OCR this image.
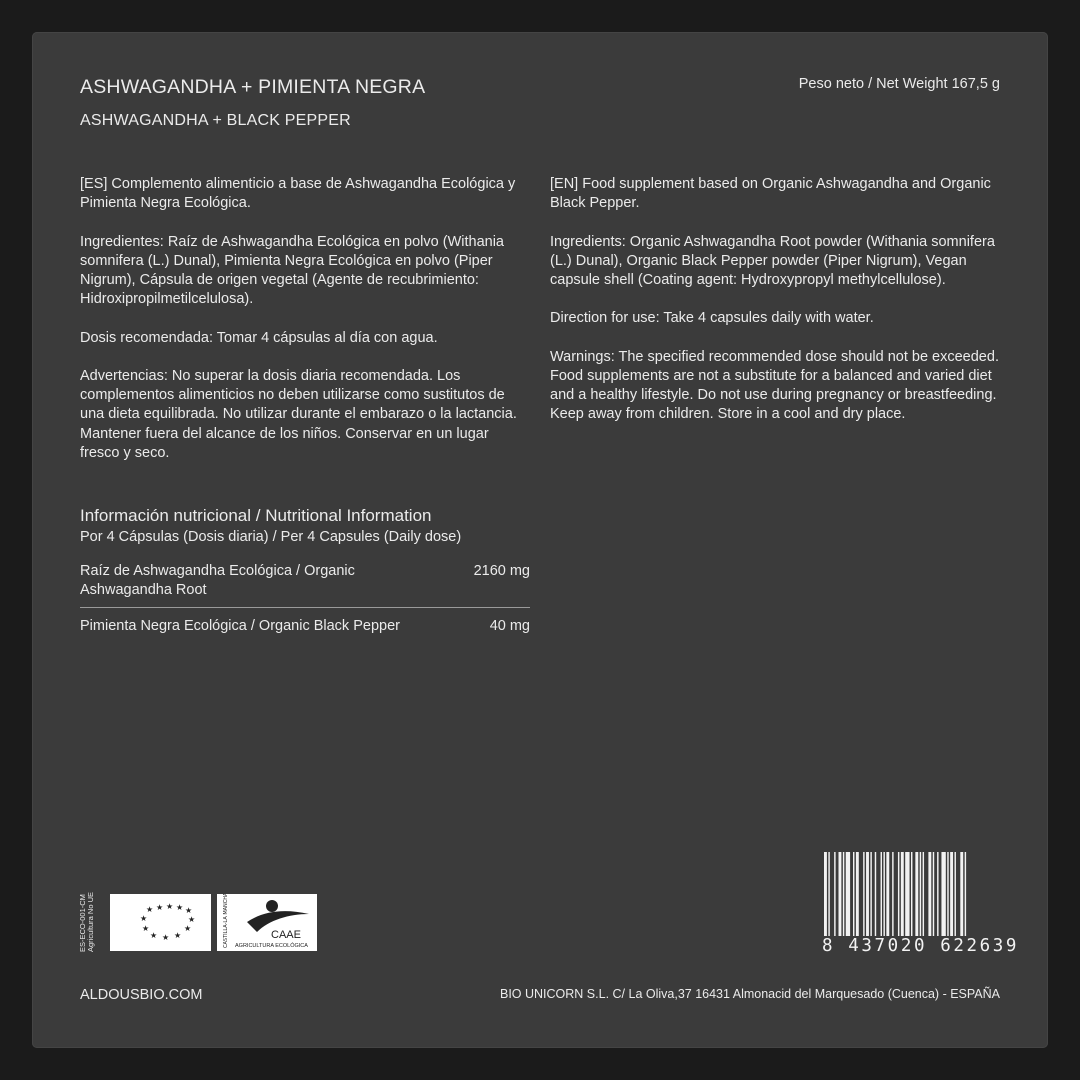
ASHWAGANDHA + PIMIENTA NEGRA
ASHWAGANDHA + BLACK PEPPER
Peso neto / Net Weight 167,5 g

[ES] Complemento alimenticio a base de Ashwagandha Ecológica y Pimienta Negra Ecológica.

Ingredientes: Raíz de Ashwagandha Ecológica en polvo (Withania somnifera (L.) Dunal), Pimienta Negra Ecológica en polvo (Piper Nigrum), Cápsula de origen vegetal (Agente de recubrimiento: Hidroxipropilmetilcelulosa).

Dosis recomendada: Tomar 4 cápsulas al día con agua.

Advertencias: No superar la dosis diaria recomendada. Los complementos alimenticios no deben utilizarse como sustitutos de una dieta equilibrada. No utilizar durante el embarazo o la lactancia. Mantener fuera del alcance de los niños. Conservar en un lugar fresco y seco.

[EN] Food supplement based on Organic Ashwagandha and Organic Black Pepper.

Ingredients: Organic Ashwagandha Root powder (Withania somnifera (L.) Dunal), Organic Black Pepper powder (Piper Nigrum), Vegan capsule shell (Coating agent: Hydroxypropyl methylcellulose).

Direction for use: Take 4 capsules daily with water.

Warnings: The specified recommended dose should not be exceeded. Food supplements are not a substitute for a balanced and varied diet and a healthy lifestyle. Do not use during pregnancy or breastfeeding. Keep away from children. Store in a cool and dry place.

Información nutricional / Nutritional Information
Por 4 Cápsulas (Dosis diaria) / Per 4 Capsules (Daily dose)
Raíz de Ashwagandha Ecológica / Organic Ashwagandha Root
2160 mg
Pimienta Negra Ecológica / Organic Black Pepper	40 mg
ES-ECO-001-CM Agricultura No UE	★ ★ ★ ★ ★
★	★
★	★
★ ★ ★	CASTILLA-LA MANCHA	CAAE
AGRICULTURA ECOLÓGICA	8 437020 622639
ALDOUSBIO.COM	BIO UNICORN S.L. C/ La Oliva,37 16431 Almonacid del Marquesado (Cuenca) - ESPAÑA
